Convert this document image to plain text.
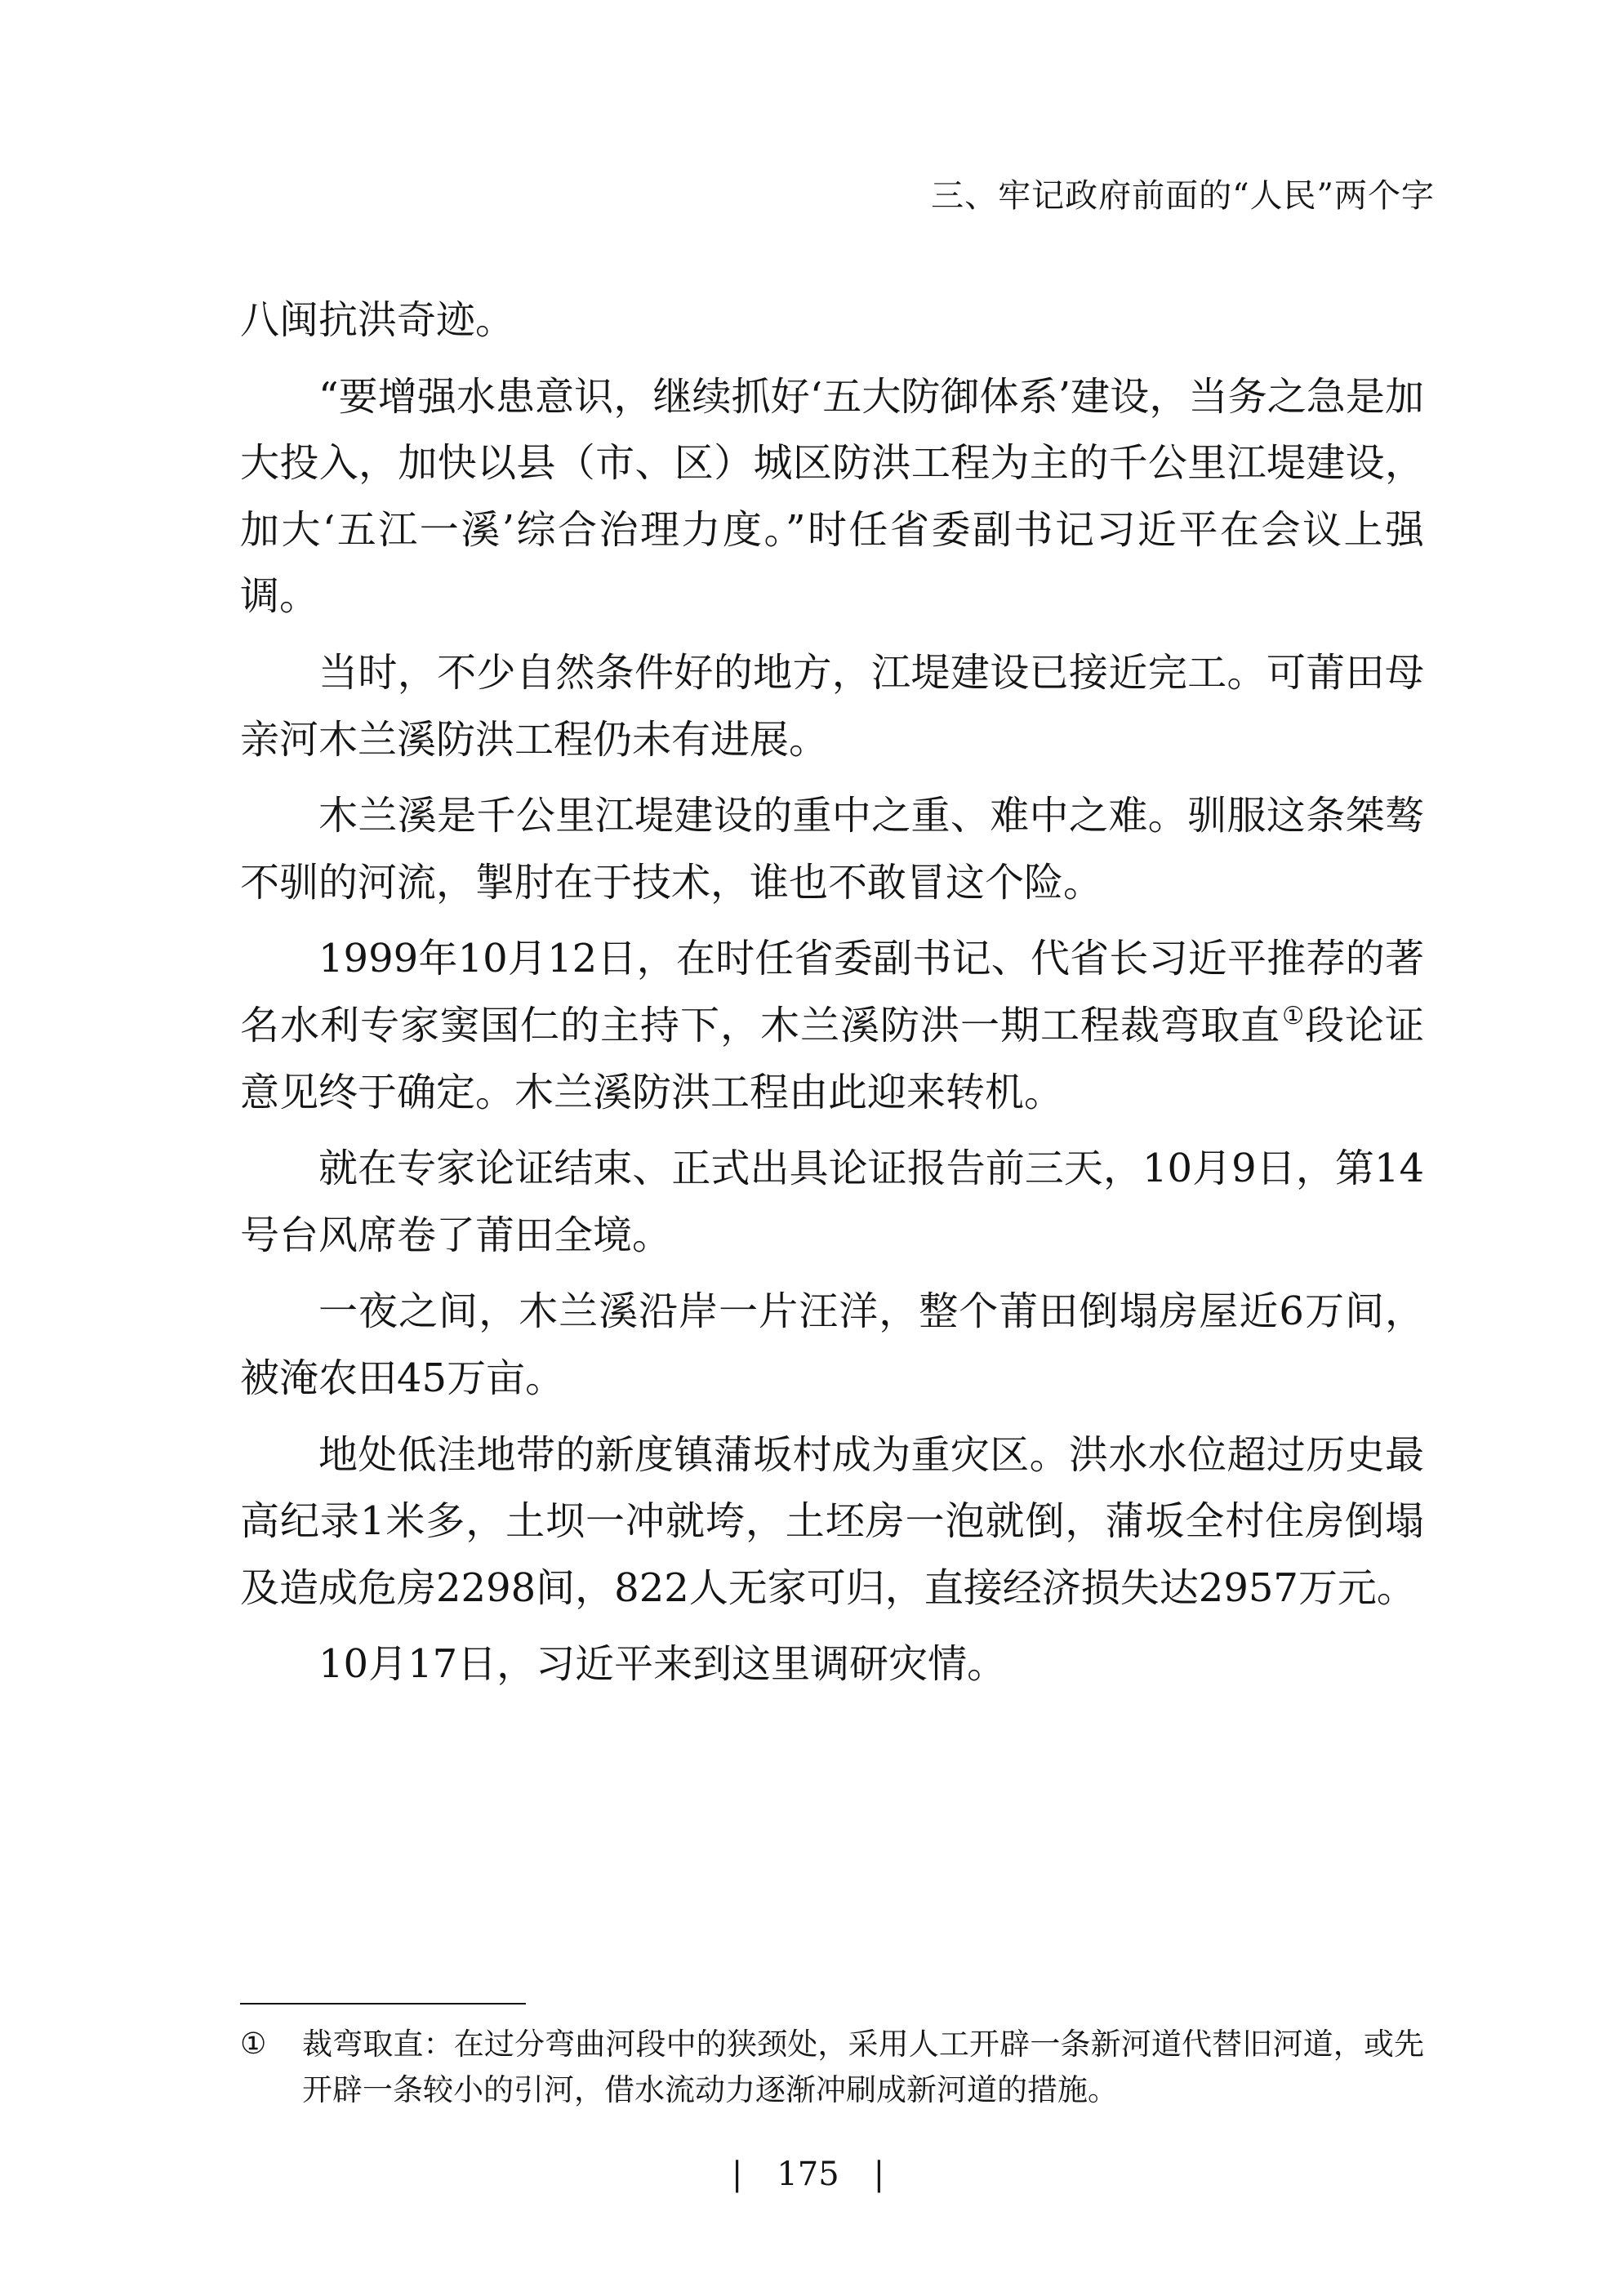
三、牢记政府前面的“人民”两个字

八闽抗洪奇迹。

“要增强水患意识，继续抓好‘五大防御体系’建设，当务之急是加大投入，加快以县（市、区）城区防洪工程为主的千公里江堤建设，加大‘五江一溪’综合治理力度。”时任省委副书记习近平在会议上强调。

当时，不少自然条件好的地方，江堤建设已接近完工。可莆田母亲河木兰溪防洪工程仍未有进展。

木兰溪是千公里江堤建设的重中之重、难中之难。驯服这条桀骜不驯的河流，掣肘在于技术，谁也不敢冒这个险。

1999年10月12日，在时任省委副书记、代省长习近平推荐的著名水利专家窦国仁的主持下，木兰溪防洪一期工程裁弯取直①段论证意见终于确定。木兰溪防洪工程由此迎来转机。

就在专家论证结束、正式出具论证报告前三天，10月9日，第14号台风席卷了莆田全境。

一夜之间，木兰溪沿岸一片汪洋，整个莆田倒塌房屋近6万间，被淹农田45万亩。

地处低洼地带的新度镇蒲坂村成为重灾区。洪水水位超过历史最高纪录1米多，土坝一冲就垮，土坯房一泡就倒，蒲坂全村住房倒塌及造成危房2298间，822人无家可归，直接经济损失达2957万元。

10月17日，习近平来到这里调研灾情。

① 裁弯取直：在过分弯曲河段中的狭颈处，采用人工开辟一条新河道代替旧河道，或先开辟一条较小的引河，借水流动力逐渐冲刷成新河道的措施。
| 175 |
